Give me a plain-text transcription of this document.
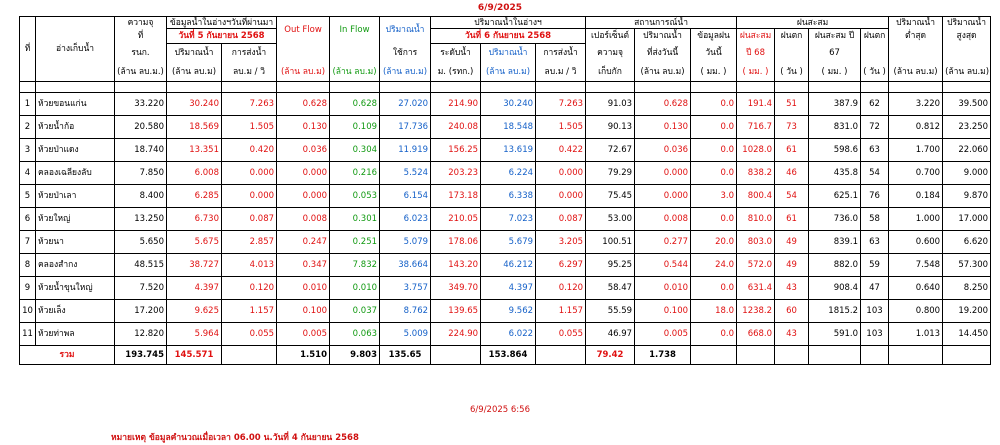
6/9/2025
ที่	อ่างเก็บน้ำ	ความจุ	ข้อมูลน้ำในอ่างฯวันที่ผ่านมา		Out Flow	In Flow	ปริมาณน้ำ	ปริมาณน้ำในอ่างฯ			สถานการณ์น้ำ			ฝนสะสม				ปริมาณน้ำ	ปริมาณน้ำ
		ที่	วันที่ 5 กันยายน 2568					วันที่ 6 กันยายน 2568			เปอร์เซ็นต์	ปริมาณน้ำ	ข้อมูลฝน	ฝนสะสม	ฝนตก	ฝนสะสม ปี	ฝนตก	ต่ำสุด	สูงสุด
		รนก.	ปริมาณน้ำ	การส่งน้ำ			ใช้การ	ระดับน้ำ	ปริมาณน้ำ	การส่งน้ำ	ความจุ	ที่ส่งวันนี้	วันนี้	ปี 68		67			
		(ล้าน ลบ.ม.)	(ล้าน ลบ.ม)	ลบ.ม / วิ	(ล้าน ลบ.ม)	(ล้าน ลบ.ม)	(ล้าน ลบ.ม)	ม. (รทก.)	(ล้าน ลบ.ม)	ลบ.ม / วิ	เก็บกัก	(ล้าน ลบ.ม)	( มม. )	( มม. )	( วัน )	( มม. )	( วัน )	(ล้าน ลบ.ม)	(ล้าน ลบ.ม)

1	ห้วยขอนแก่น	33.220	30.240	7.263	0.628	0.628	27.020	214.90	30.240	7.263	91.03	0.628	0.0	191.4	51	387.9	62	3.220	39.500
2	ห้วยน้ำก้อ	20.580	18.569	1.505	0.130	0.109	17.736	240.08	18.548	1.505	90.13	0.130	0.0	716.7	73	831.0	72	0.812	23.250
3	ห้วยป่าแดง	18.740	13.351	0.420	0.036	0.304	11.919	156.25	13.619	0.422	72.67	0.036	0.0	1028.0	61	598.6	63	1.700	22.060
4	คลองเฉลียงลับ	7.850	6.008	0.000	0.000	0.216	5.524	203.23	6.224	0.000	79.29	0.000	0.0	838.2	46	435.8	54	0.700	9.000
5	ห้วยป่าเลา	8.400	6.285	0.000	0.000	0.053	6.154	173.18	6.338	0.000	75.45	0.000	3.0	800.4	54	625.1	76	0.184	9.870
6	ห้วยใหญ่	13.250	6.730	0.087	0.008	0.301	6.023	210.05	7.023	0.087	53.00	0.008	0.0	810.0	61	736.0	58	1.000	17.000
7	ห้วยนา	5.650	5.675	2.857	0.247	0.251	5.079	178.06	5.679	3.205	100.51	0.277	20.0	803.0	49	839.1	63	0.600	6.620
8	คลองสำกง	48.515	38.727	4.013	0.347	7.832	38.664	143.20	46.212	6.297	95.25	0.544	24.0	572.0	49	882.0	59	7.548	57.300
9	ห้วยน้ำขุนใหญ่	7.520	4.397	0.120	0.010	0.010	3.757	349.70	4.397	0.120	58.47	0.010	0.0	631.4	43	908.4	47	0.640	8.250
10	ห้วยเล็ง	17.200	9.625	1.157	0.100	0.037	8.762	139.65	9.562	1.157	55.59	0.100	18.0	1238.2	60	1815.2	103	0.800	19.200
11	ห้วยท่าพล	12.820	5.964	0.055	0.005	0.063	5.009	224.90	6.022	0.055	46.97	0.005	0.0	668.0	43	591.0	103	1.013	14.450
รวม		193.745	145.571		1.510	9.803	135.65		153.864		79.42	1.738							
6/9/2025 6:56
หมายเหตุ ข้อมูลคำนวณเมื่อเวลา 06.00 น.วันที่ 4 กันยายน 2568
